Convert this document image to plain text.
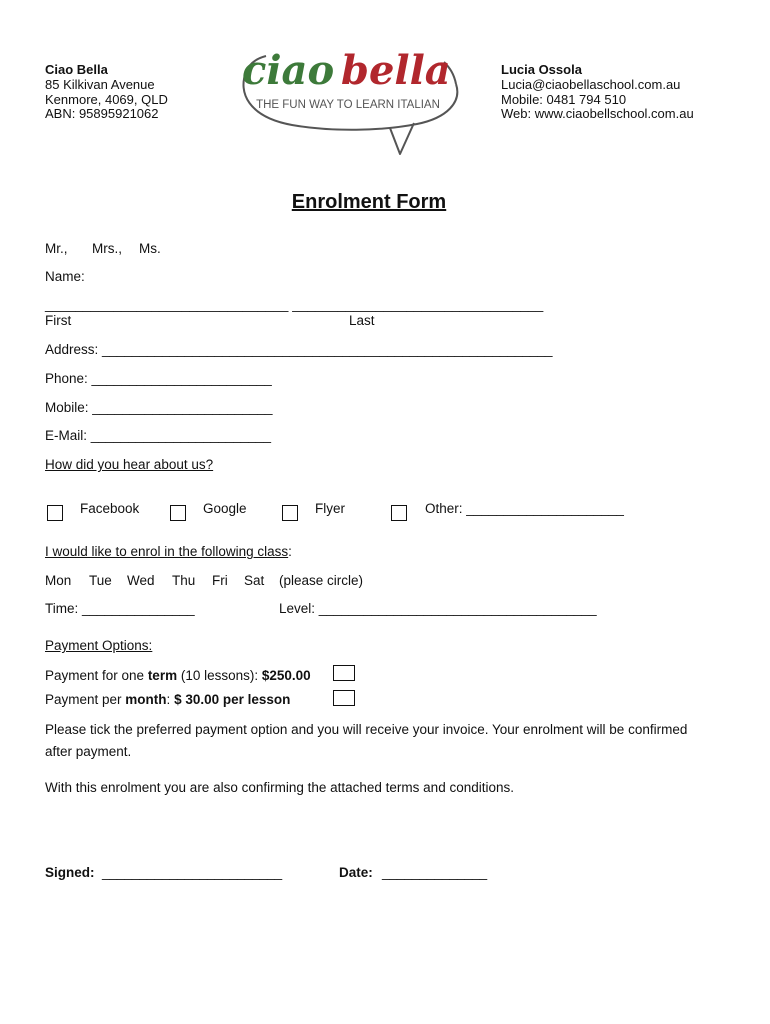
Ciao Bella
85 Kilkivan Avenue
Kenmore, 4069, QLD
ABN: 95895921062
ciao bella
THE FUN WAY TO LEARN ITALIAN
Lucia Ossola
Lucia@ciaobellaschool.com.au
Mobile: 0481 794 510
Web: www.ciaobellschool.com.au
Enrolment Form
Mr., Mrs., Ms.
Name:
________________________________ _________________________________
First	Last
Address: ____________________________________________________________
Phone: ________________________
Mobile: ________________________
E-Mail: ________________________
How did you hear about us?
Facebook	Google	Flyer	Other: _____________________
I would like to enrol in the following class:
Mon Tue Wed Thu Fri Sat (please circle)
Time: _______________	Level: _____________________________________
Payment Options:
Payment for one term (10 lessons): $250.00
Payment per month: $ 30.00 per lesson
Please tick the preferred payment option and you will receive your invoice. Your enrolment will be confirmed
after payment.
With this enrolment you are also confirming the attached terms and conditions.
Signed: ________________________	Date: ______________
